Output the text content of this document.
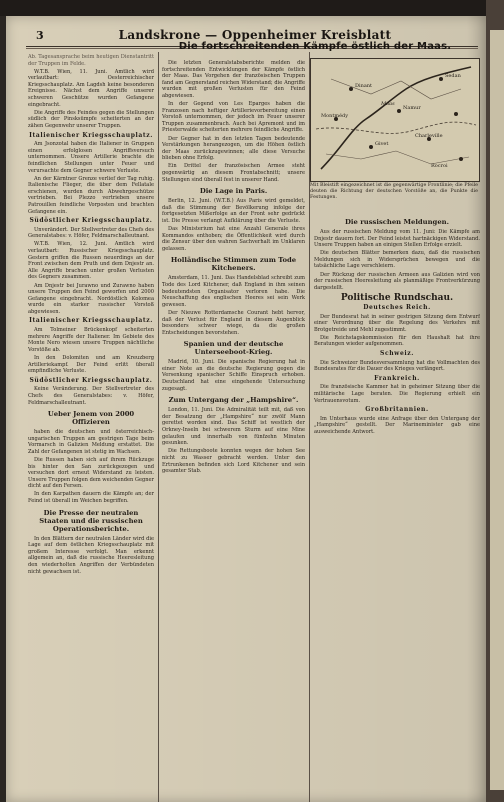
3	Landskrone — Oppenheimer Kreisblatt

Ab. Tagesansprache beim heutigen Dienstantritt der Truppen im Felde.

W.T.B. Wien, 11. Juni. Amtlich wird verlautbart: Oesterreichischer Kriegsschauplatz. Am Lagdsh keine besonderen Ereignisse. Nächst dem Angriffe unserer schweren Geschütze wurden Gefangene eingebracht.

Die Angriffe des Feindes gegen die Stellungen südlich der Pinsksümpfe scheiterten an der zähen Gegenwehr unserer Truppen.

Italienischer Kriegsschauplatz.

Am Jsonzotal haben die Italiener in Gruppen einen erfolglosen Angriffsversuch unternommen. Unsere Artillerie brachte die feindlichen Stellungen unter Feuer und verursachte dem Gegner schwere Verluste.

An der Kärntner Grenze verlief der Tag ruhig. Italienische Flieger, die über dem Fellatale erschienen, wurden durch Abwehrgeschütze vertrieben. Bei Plezzo vertrieben unsere Patrouillen feindliche Vorposten und brachten Gefangene ein.

Südöstlicher Kriegsschauplatz.

Unverändert. Der Stellvertreter des Chefs des Generalstabes: v. Höfer, Feldmarschalleutnant.

W.T.B. Wien, 12. Juni. Amtlich wird verlautbart: Russischer Kriegsschauplatz. Gestern griffen die Russen neuerdings an der Front zwischen dem Pruth und dem Dnjestr an. Alle Angriffe brachen unter großen Verlusten des Gegners zusammen.

Am Dnjestr bei Jurawno und Zurawno haben unsere Truppen den Feind geworfen und 2000 Gefangene eingebracht. Nordöstlich Kolomea wurde ein starker russischer Vorstoß abgewiesen.

Italienischer Kriegsschauplatz.

Am Tolmeiner Brückenkopf scheiterten mehrere Angriffe der Italiener. Im Gebiete des Monte Nero wiesen unsere Truppen nächtliche Vorstöße ab.

In den Dolomiten und am Kreuzberg Artilleriekampf. Der Feind erlitt überall empfindliche Verluste.

Südöstlicher Kriegsschauplatz.

Keine Veränderung. Der Stellvertreter des Chefs des Generalstabes: v. Höfer, Feldmarschalleutnant.

Ueber Jenem von 2000 Offizieren

haben die deutschen und österreichisch-ungarischen Truppen am gestrigen Tage beim Vormarsch in Galizien Meldung erstattet. Die Zahl der Gefangenen ist stetig im Wachsen.

Die Russen haben sich auf ihrem Rückzuge bis hinter den San zurückgezogen und versuchen dort erneut Widerstand zu leisten. Unsere Truppen folgen dem weichenden Gegner dicht auf den Fersen.

In den Karpathen dauern die Kämpfe an; der Feind ist überall im Weichen begriffen.

Die Presse der neutralen Staaten und die russischen Operationsberichte.

In den Blättern der neutralen Länder wird die Lage auf dem östlichen Kriegsschauplatz mit großem Interesse verfolgt. Man erkennt allgemein an, daß die russische Heeresleitung den wiederholten Angriffen der Verbündeten nicht gewachsen ist.

Die fortschreitenden Kämpfe östlich der Maas.

Die letzten Generalstabsberichte melden die fortschreitenden Entwicklungen der Kämpfe östlich der Maas. Das Vorgehen der französischen Truppen fand am Gegnerstand reichen Widerstand; die Angriffe wurden mit großen Verlusten für den Feind abgewiesen.

In der Gegend von Les Eparges haben die Franzosen nach heftiger Artillerievorbereitung einen Vorstoß unternommen, der jedoch im Feuer unserer Truppen zusammenbrach. Auch bei Apremont und im Priesterwalde scheiterten mehrere feindliche Angriffe.

Der Gegner hat in den letzten Tagen bedeutende Verstärkungen herangezogen, um die Höhen östlich der Maas zurückzugewinnen; alle diese Versuche blieben ohne Erfolg.

Ein Drittel der französischen Armee steht gegenwärtig an diesem Frontabschnitt; unsere Stellungen sind überall fest in unserer Hand.

Die Lage in Paris.

Berlin, 12. Juni. (W.T.B.) Aus Paris wird gemeldet, daß die Stimmung der Bevölkerung infolge der fortgesetzten Mißerfolge an der Front sehr gedrückt ist. Die Presse verlangt Aufklärung über die Verluste.

Das Ministerium hat eine Anzahl Generale ihres Kommandos enthoben; die Öffentlichkeit wird durch die Zensur über den wahren Sachverhalt im Unklaren gelassen.

Holländische Stimmen zum Tode Kitcheners.

Amsterdam, 11. Juni. Das Handelsblad schreibt zum Tode des Lord Kitchener, daß England in ihm seinen bedeutendsten Organisator verloren habe. Die Neuschaffung des englischen Heeres sei sein Werk gewesen.

Der Nieuwe Rotterdamsche Courant hebt hervor, daß der Verlust für England in diesem Augenblick besonders schwer wiege, da die großen Entscheidungen bevorstehen.

Spanien und der deutsche Unterseeboot-Krieg.

Madrid, 10. Juni. Die spanische Regierung hat in einer Note an die deutsche Regierung gegen die Versenkung spanischer Schiffe Einspruch erhoben. Deutschland hat eine eingehende Untersuchung zugesagt.

Zum Untergang der „Hampshire“.

London, 11. Juni. Die Admiralität teilt mit, daß von der Besatzung der „Hampshire“ nur zwölf Mann gerettet worden sind. Das Schiff ist westlich der Orkney-Inseln bei schwerem Sturm auf eine Mine gelaufen und innerhalb von fünfzehn Minuten gesunken.

Die Rettungsboote konnten wegen der hohen See nicht zu Wasser gebracht werden. Unter den Ertrunkenen befinden sich Lord Kitchener und sein gesamter Stab.

Dinant
Namur
Sedan
Maas
Givet
Charleville
Rocroi
Montmédy
Mit Bleistift eingezeichnet ist die gegenwärtige Frontlinie; die Pfeile deuten die Richtung der deutschen Vorstöße an, die Punkte die Festungen.
Die russischen Meldungen.

Aus der russischen Meldung vom 11. Juni: Die Kämpfe am Dnjestr dauern fort. Der Feind leistet hartnäckigen Widerstand. Unsere Truppen haben an einigen Stellen Erfolge erzielt.

Die deutschen Blätter bemerken dazu, daß die russischen Meldungen sich in Widersprüchen bewegen und die tatsächliche Lage verschleiern.

Der Rückzug der russischen Armeen aus Galizien wird von der russischen Heeresleitung als planmäßige Frontverkürzung dargestellt.

Politische Rundschau.
Deutsches Reich.

Der Bundesrat hat in seiner gestrigen Sitzung dem Entwurf einer Verordnung über die Regelung des Verkehrs mit Brotgetreide und Mehl zugestimmt.

Die Reichstagskommission für den Haushalt hat ihre Beratungen wieder aufgenommen.

Schweiz.

Die Schweizer Bundesversammlung hat die Vollmachten des Bundesrates für die Dauer des Krieges verlängert.

Frankreich.

Die französische Kammer hat in geheimer Sitzung über die militärische Lage beraten. Die Regierung erhielt ein Vertrauensvotum.

Großbritannien.

Im Unterhaus wurde eine Anfrage über den Untergang der „Hampshire“ gestellt. Der Marineminister gab eine ausweichende Antwort.
